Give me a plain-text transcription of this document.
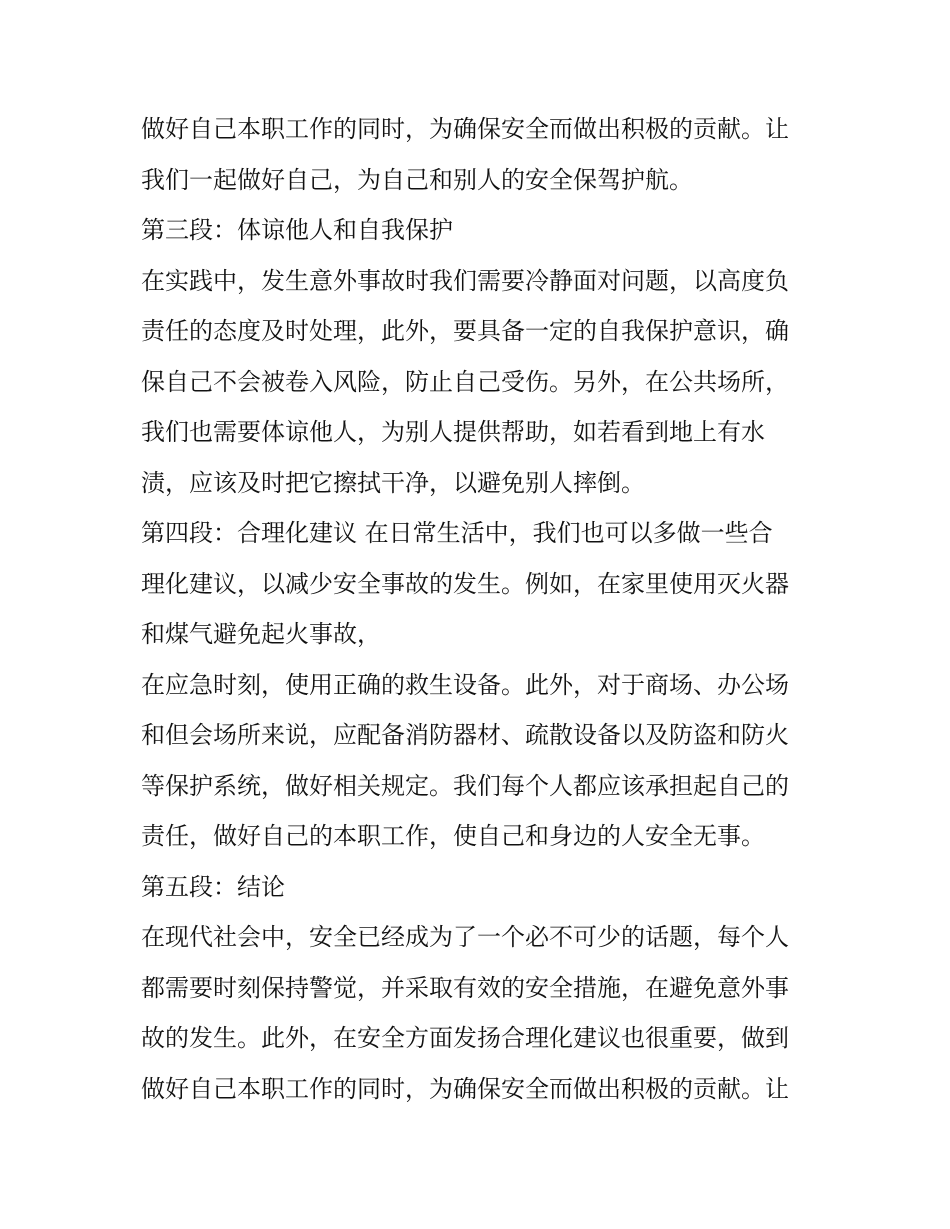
做好自己本职工作的同时，为确保安全而做出积极的贡献。让
我们一起做好自己，为自己和别人的安全保驾护航。
第三段：体谅他人和自我保护
在实践中，发生意外事故时我们需要冷静面对问题，以高度负
责任的态度及时处理，此外，要具备一定的自我保护意识，确
保自己不会被卷入风险，防止自己受伤。另外，在公共场所，
我们也需要体谅他人，为别人提供帮助，如若看到地上有水
渍，应该及时把它擦拭干净，以避免别人摔倒。
第四段：合理化建议 在日常生活中，我们也可以多做一些合
理化建议，以减少安全事故的发生。例如，在家里使用灭火器
和煤气避免起火事故，
在应急时刻，使用正确的救生设备。此外，对于商场、办公场
和但会场所来说，应配备消防器材、疏散设备以及防盗和防火
等保护系统，做好相关规定。我们每个人都应该承担起自己的
责任，做好自己的本职工作，使自己和身边的人安全无事。
第五段：结论
在现代社会中，安全已经成为了一个必不可少的话题，每个人
都需要时刻保持警觉，并采取有效的安全措施，在避免意外事
故的发生。此外，在安全方面发扬合理化建议也很重要，做到
做好自己本职工作的同时，为确保安全而做出积极的贡献。让
